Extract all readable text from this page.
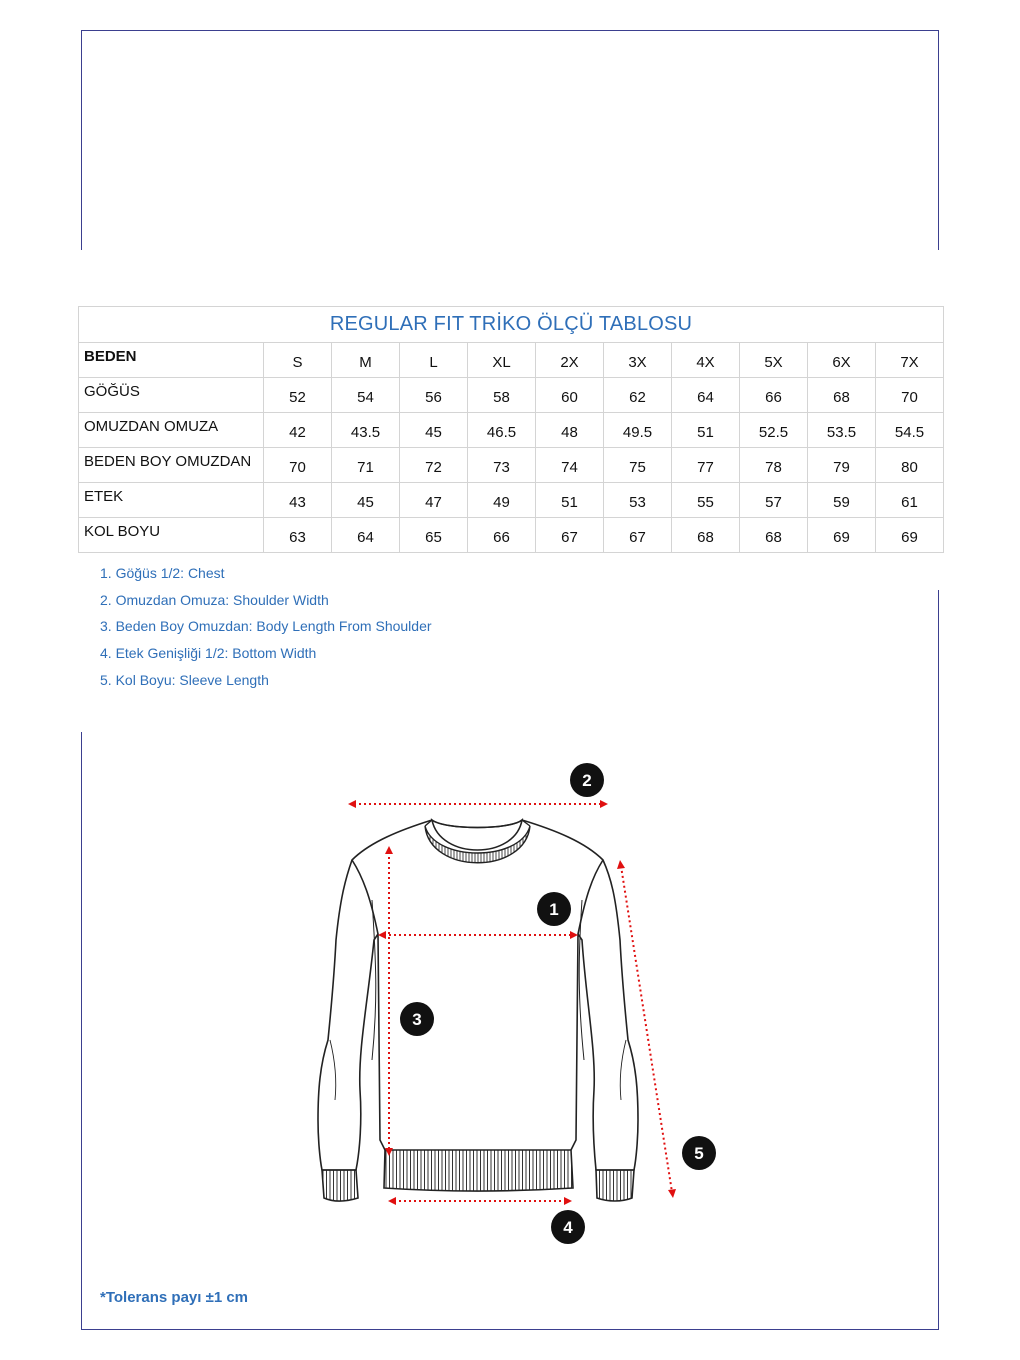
REGULAR FIT TRİKO ÖLÇÜ TABLOSU										
BEDEN	S	M	L	XL	2X	3X	4X	5X	6X	7X
GÖĞÜS	52	54	56	58	60	62	64	66	68	70
OMUZDAN OMUZA	42	43.5	45	46.5	48	49.5	51	52.5	53.5	54.5
BEDEN BOY OMUZDAN	70	71	72	73	74	75	77	78	79	80
ETEK	43	45	47	49	51	53	55	57	59	61
KOL BOYU	63	64	65	66	67	67	68	68	69	69
1. Göğüs 1/2: Chest
2. Omuzdan Omuza: Shoulder Width
3. Beden Boy Omuzdan: Body Length From Shoulder
4. Etek Genişliği 1/2: Bottom Width
5. Kol Boyu: Sleeve Length
1
2
3
4
5
*Tolerans payı ±1 cm
